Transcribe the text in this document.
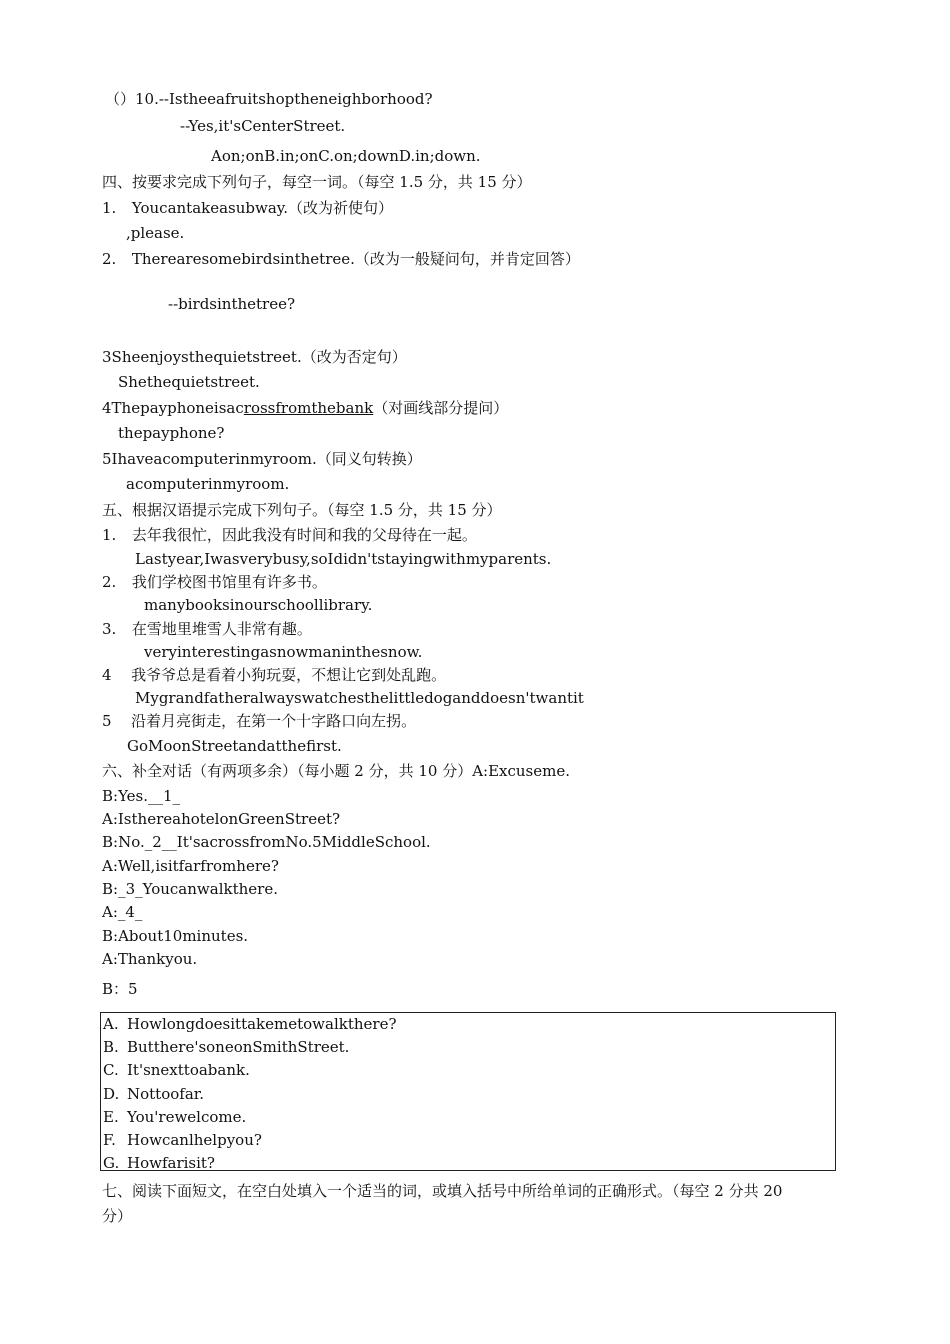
（）10.--Istheeafruitshoptheneighborhood?
--Yes,it'sCenterStreet.
Aon;onB.in;onC.on;downD.in;down.
四、按要求完成下列句子，每空一词。（每空 1.5 分，共 15 分）
1. Youcantakeasubway.（改为祈使句）
,please.
2. Therearesomebirdsinthetree.（改为一般疑问句，并肯定回答）
--birdsinthetree?
3Sheenjoysthequietstreet.（改为否定句）
Shethequietstreet.
4Thepayphoneisacrossfromthebank（对画线部分提问）
thepayphone?
5Ihaveacomputerinmyroom.（同义句转换）
acomputerinmyroom.
五、根据汉语提示完成下列句子。（每空 1.5 分，共 15 分）
1. 去年我很忙，因此我没有时间和我的父母待在一起。
Lastyear,Iwasverybusy,soIdidn'tstayingwithmyparents.
2. 我们学校图书馆里有许多书。
manybooksinourschoollibrary.
3. 在雪地里堆雪人非常有趣。
veryinterestingasnowmaninthesnow.
4 我爷爷总是看着小狗玩耍，不想让它到处乱跑。
Mygrandfatheralwayswatchesthelittledoganddoesn'twantit
5 沿着月亮街走，在第一个十字路口向左拐。
GoMoonStreetandatthefirst.
六、补全对话（有两项多余）（每小题 2 分，共 10 分）A:Excuseme.
B:Yes.__1_
A:IsthereahotelonGreenStreet?
B:No._2__It'sacrossfromNo.5MiddleSchool.
A:Well,isitfarfromhere?
B:_3_Youcanwalkthere.
A:_4_
B:About10minutes.
A:Thankyou.
B：5
A. Howlongdoesittakemetowalkthere?
B. Butthere'soneonSmithStreet.
C. It'snexttoabank.
D. Nottoofar.
E. You'rewelcome.
F. Howcanlhelpyou?
G. Howfarisit?
七、阅读下面短文，在空白处填入一个适当的词，或填入括号中所给单词的正确形式。（每空 2 分共 20
分）
